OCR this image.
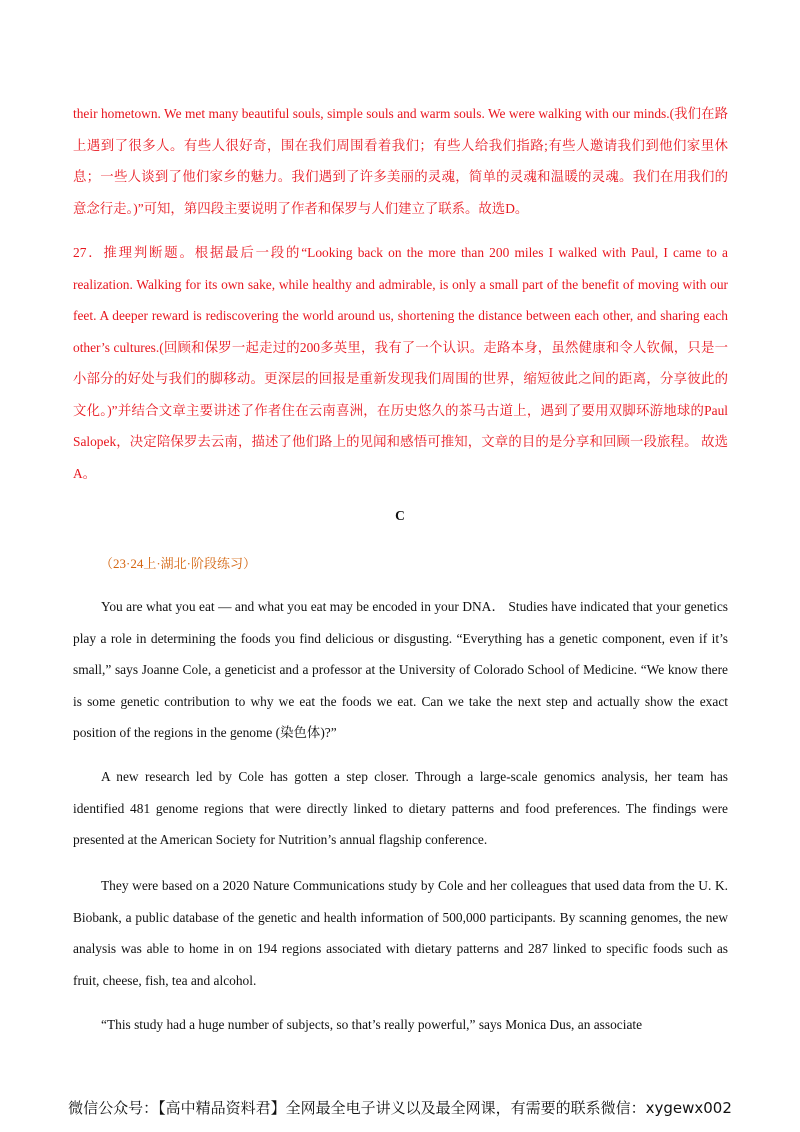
their hometown. We met many beautiful souls, simple souls and warm souls. We were walking with our minds.(我们在路上遇到了很多人。有些人很好奇，围在我们周围看着我们；有些人给我们指路;有些人邀请我们到他们家里休息；一些人谈到了他们家乡的魅力。我们遇到了许多美丽的灵魂，简单的灵魂和温暖的灵魂。我们在用我们的意念行走。)”可知，第四段主要说明了作者和保罗与人们建立了联系。故选D。

27．推理判断题。根据最后一段的“Looking back on the more than 200 miles I walked with Paul, I came to a realization. Walking for its own sake, while healthy and admirable, is only a small part of the benefit of moving with our feet. A deeper reward is rediscovering the world around us, shortening the distance between each other, and sharing each other’s cultures.(回顾和保罗一起走过的200多英里，我有了一个认识。走路本身，虽然健康和令人钦佩，只是一小部分的好处与我们的脚移动。更深层的回报是重新发现我们周围的世界，缩短彼此之间的距离，分享彼此的文化。)”并结合文章主要讲述了作者住在云南喜洲，在历史悠久的茶马古道上，遇到了要用双脚环游地球的Paul Salopek，决定陪保罗去云南，描述了他们路上的见闻和感悟可推知，文章的目的是分享和回顾一段旅程。 故选A。

C

（23·24上·湖北·阶段练习）

You are what you eat — and what you eat may be encoded in your DNA． Studies have indicated that your genetics play a role in determining the foods you find delicious or disgusting. “Everything has a genetic component, even if it’s small,” says Joanne Cole, a geneticist and a professor at the University of Colorado School of Medicine. “We know there is some genetic contribution to why we eat the foods we eat. Can we take the next step and actually show the exact position of the regions in the genome (染色体)?”

A new research led by Cole has gotten a step closer. Through a large-scale genomics analysis, her team has identified 481 genome regions that were directly linked to dietary patterns and food preferences. The findings were presented at the American Society for Nutrition’s annual flagship conference.

They were based on a 2020 Nature Communications study by Cole and her colleagues that used data from the U. K. Biobank, a public database of the genetic and health information of 500,000 participants. By scanning genomes, the new analysis was able to home in on 194 regions associated with dietary patterns and 287 linked to specific foods such as fruit, cheese, fish, tea and alcohol.

“This study had a huge number of subjects, so that’s really powerful,” says Monica Dus, an associate

微信公众号：【高中精品资料君】全网最全电子讲义以及最全网课，有需要的联系微信：xygewx002
